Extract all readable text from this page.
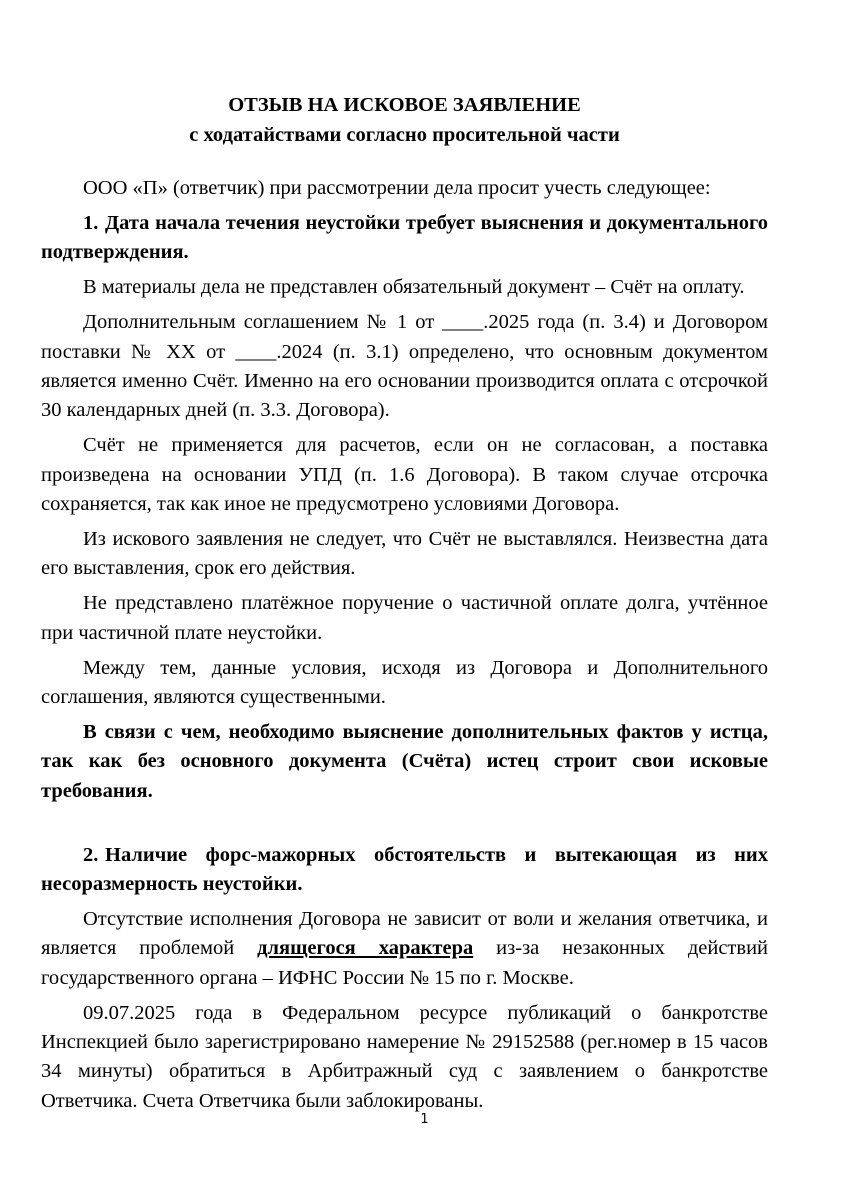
ОТЗЫВ НА ИСКОВОЕ ЗАЯВЛЕНИЕ
с ходатайствами согласно просительной части

ООО «П» (ответчик) при рассмотрении дела просит учесть следующее:

1. Дата начала течения неустойки требует выяснения и документального подтверждения.

В материалы дела не представлен обязательный документ – Счёт на оплату.

Дополнительным соглашением № 1 от ____.2025 года (п. 3.4) и Договором поставки № ХХ от ____.2024 (п. 3.1) определено, что основным документом является именно Счёт. Именно на его основании производится оплата с отсрочкой 30 календарных дней (п. 3.3. Договора).

Счёт не применяется для расчетов, если он не согласован, а поставка произведена на основании УПД (п. 1.6 Договора). В таком случае отсрочка сохраняется, так как иное не предусмотрено условиями Договора.

Из искового заявления не следует, что Счёт не выставлялся. Неизвестна дата его выставления, срок его действия.

Не представлено платёжное поручение о частичной оплате долга, учтённое при частичной плате неустойки.

Между тем, данные условия, исходя из Договора и Дополнительного соглашения, являются существенными.

В связи с чем, необходимо выяснение дополнительных фактов у истца, так как без основного документа (Счёта) истец строит свои исковые требования.

2. Наличие форс-мажорных обстоятельств и вытекающая из них несоразмерность неустойки.

Отсутствие исполнения Договора не зависит от воли и желания ответчика, и является проблемой длящегося характера из-за незаконных действий государственного органа – ИФНС России № 15 по г. Москве.

09.07.2025 года в Федеральном ресурсе публикаций о банкротстве Инспекцией было зарегистрировано намерение № 29152588 (рег.номер в 15 часов 34 минуты) обратиться в Арбитражный суд с заявлением о банкротстве Ответчика. Счета Ответчика были заблокированы.

1
